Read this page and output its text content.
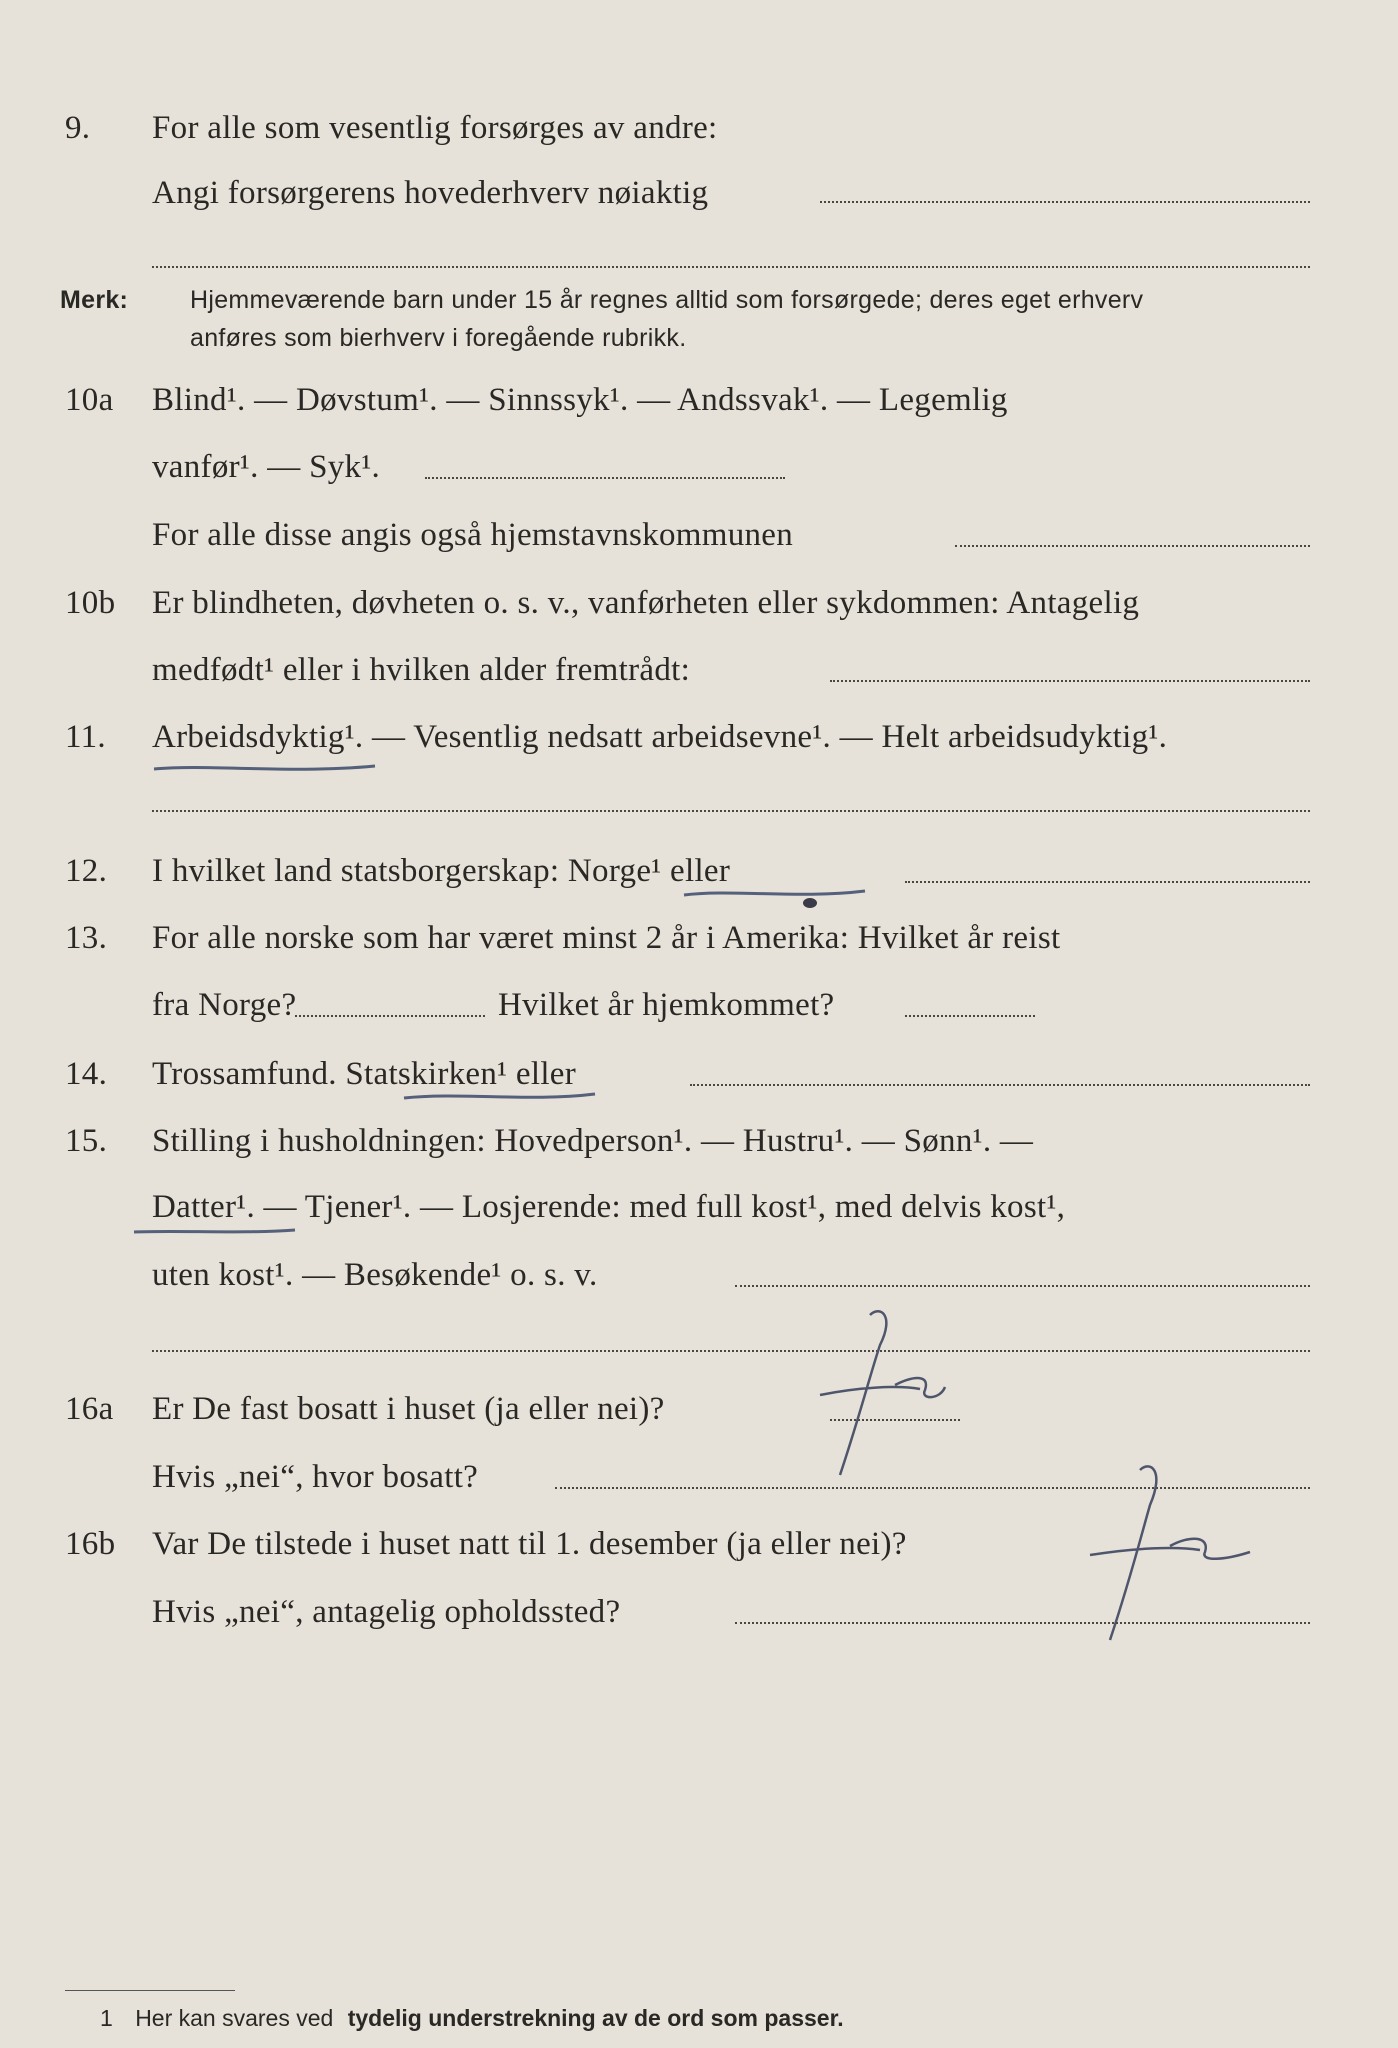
9. For alle som vesentlig forsørges av andre:
Angi forsørgerens hovederhverv nøiaktig
Merk: Hjemmeværende barn under 15 år regnes alltid som forsørgede; deres eget erhverv
anføres som bierhverv i foregående rubrikk.
10a Blind¹. — Døvstum¹. — Sinnssyk¹. — Andssvak¹. — Legemlig
vanfør¹. — Syk¹.
For alle disse angis også hjemstavnskommunen
10b Er blindheten, døvheten o. s. v., vanførheten eller sykdommen: Antagelig
medfødt¹ eller i hvilken alder fremtrådt:
11. Arbeidsdyktig¹. — Vesentlig nedsatt arbeidsevne¹. — Helt arbeidsudyktig¹.
12. I hvilket land statsborgerskap: Norge¹ eller
13. For alle norske som har været minst 2 år i Amerika: Hvilket år reist
fra Norge?	Hvilket år hjemkommet?
14. Trossamfund. Statskirken¹ eller
15. Stilling i husholdningen: Hovedperson¹. — Hustru¹. — Sønn¹. —
Datter¹. — Tjener¹. — Losjerende: med full kost¹, med delvis kost¹,
uten kost¹. — Besøkende¹ o. s. v.
16a Er De fast bosatt i huset (ja eller nei)?
Ja
Hvis „nei“, hvor bosatt?
16b Var De tilstede i huset natt til 1. desember (ja eller nei)?
Ja
Hvis „nei“, antagelig opholdssted?
1 Her kan svares ved tydelig understrekning av de ord som passer.
